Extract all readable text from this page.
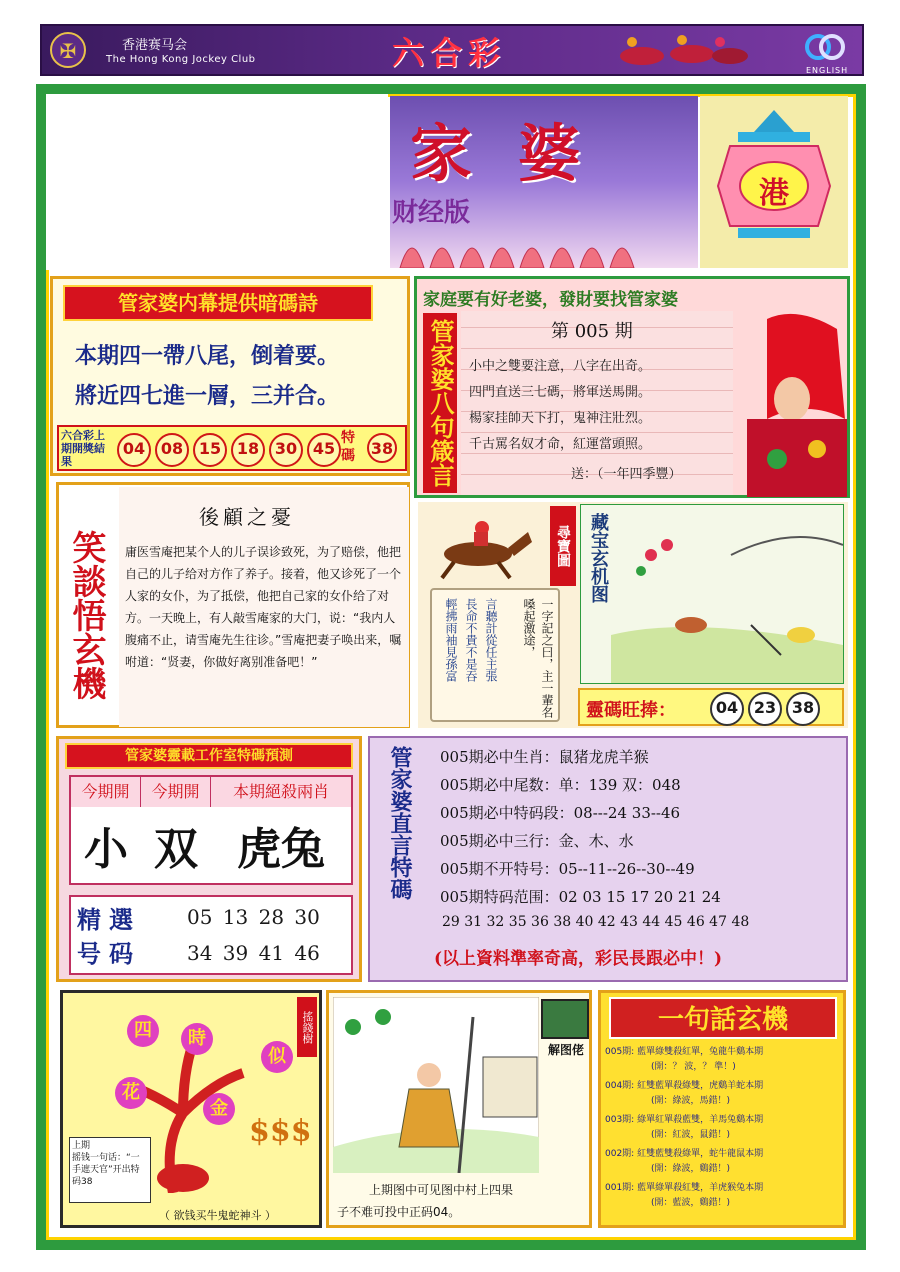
✠	香港赛马会
The Hong Kong Jockey Club	六合彩	ENGLISH
家婆
财经版
港
管家婆内幕提供暗碼詩
本期四一帶八尾，倒着要。
將近四七進一層，三并合。
六合彩上期開獎結果
04 08 15 18 30 45
特碼 38
家庭要有好老婆，發財要找管家婆
管家婆八句箴言	第 005 期
小中之雙要注意，八字在出奇。
四門直送三七碼，將軍送馬開。
楊家挂帥天下打，鬼神注壯烈。
千古罵名奴才命，紅運當頭照。
送：（一年四季豐）
笑談悟玄機
後顧之憂
庸医雪庵把某个人的儿子误诊致死，为了赔偿，他把自己的儿子给对方作了养子。接着，他又诊死了一个人家的女仆，为了抵偿，他把自己家的女仆给了对方。一天晚上，有人敲雪庵家的大门，说：“我内人腹痛不止，请雪庵先生往诊。”雪庵把妻子唤出来，嘱咐道：“贤妻，你做好离别准备吧！”	輕拂雨袖見孫富 長命不貴不是吞 言聽計從任主張	一字記之曰，主一輩名嗓起激途，
尋寶圖 藏宝玄机图
靈碼旺捧：	04 23 38
管家婆靈載工作室特碼預測
今期開	今期開	本期絕殺兩肖
小 双 虎兔
精選号码
05 13 28 30
34 39 41 46
管家婆直言特碼	005期必中生肖：鼠猪龙虎羊猴
005期必中尾数：单：139 双：048
005期必中特码段：08---24 33--46
005期必中三行：金、木、水
005期不开特号：05--11--26--30--49
005期特码范围：02 03 15 17 20 21 24
29 31 32 35 36 38 40 42 43 44 45 46 47 48
(以上資料準率奇高，彩民長跟必中！)
四	時
似
花
金
搖錢樹
$$$
上期
摇钱一句话：“一手遮天官”开出特码38
（ 欲钱买牛鬼蛇神斗 ）
解图佬
上期图中可见图中村上四果
子不难可投中正码04。
一句話玄機
005期: 藍單綠雙殺紅單，兔龍牛鷄本期
(開：？ 波，？ 準！)
004期: 紅雙藍單殺綠雙，虎鷄羊蛇本期
(開：綠波，馬錯！)
003期: 綠單紅單殺藍雙，羊馬兔鷄本期
(開：紅波，鼠錯！)
002期: 紅雙藍雙殺綠單，蛇牛龍鼠本期
(開：綠波，鷄錯！)
001期: 藍單綠單殺紅雙，羊虎猴兔本期
(開：藍波，鷄錯！)
